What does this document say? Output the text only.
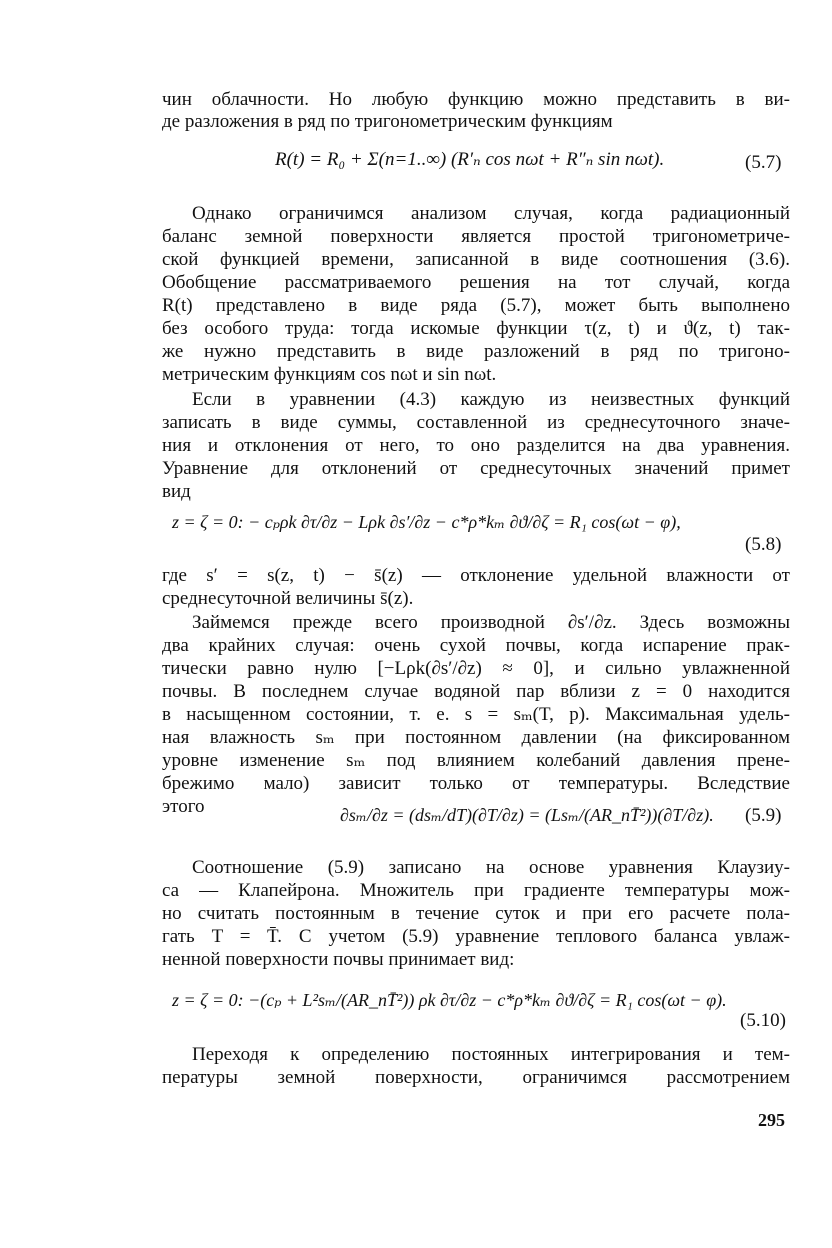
чин облачности. Но любую функцию можно представить в ви-
де разложения в ряд по тригонометрическим функциям
R(t) = R₀ + Σ(n=1..∞) (R′ₙ cos nωt + R″ₙ sin nωt).	(5.7)
Однако ограничимся анализом случая, когда радиационный
баланс земной поверхности является простой тригонометриче-
ской функцией времени, записанной в виде соотношения (3.6).
Обобщение рассматриваемого решения на тот случай, когда
R(t) представлено в виде ряда (5.7), может быть выполнено
без особого труда: тогда искомые функции τ(z, t) и ϑ(z, t) так-
же нужно представить в виде разложений в ряд по тригоно-
метрическим функциям cos nωt и sin nωt.
Если в уравнении (4.3) каждую из неизвестных функций
записать в виде суммы, составленной из среднесуточного значе-
ния и отклонения от него, то оно разделится на два уравнения.
Уравнение для отклонений от среднесуточных значений примет
вид
z = ζ = 0: − cₚρk ∂τ/∂z − Lρk ∂s′/∂z − c*ρ*kₘ ∂ϑ/∂ζ = R₁ cos(ωt − φ),
(5.8)
где s′ = s(z, t) − s̄(z) — отклонение удельной влажности от
среднесуточной величины s̄(z).
Займемся прежде всего производной ∂s′/∂z. Здесь возможны
два крайних случая: очень сухой почвы, когда испарение прак-
тически равно нулю [−Lρk(∂s′/∂z) ≈ 0], и сильно увлажненной
почвы. В последнем случае водяной пар вблизи z = 0 находится
в насыщенном состоянии, т. е. s = sₘ(T, p). Максимальная удель-
ная влажность sₘ при постоянном давлении (на фиксированном
уровне изменение sₘ под влиянием колебаний давления прене-
брежимо мало) зависит только от температуры. Вследствие
этого	∂sₘ/∂z = (dsₘ/dT)(∂T/∂z) = (Lsₘ/(AR_nT̄²))(∂T/∂z).	(5.9)
Соотношение (5.9) записано на основе уравнения Клаузиу-
са — Клапейрона. Множитель при градиенте температуры мож-
но считать постоянным в течение суток и при его расчете пола-
гать T = T̄. С учетом (5.9) уравнение теплового баланса увлаж-
ненной поверхности почвы принимает вид:
z = ζ = 0: −(cₚ + L²sₘ/(AR_nT̄²)) ρk ∂τ/∂z − c*ρ*kₘ ∂ϑ/∂ζ = R₁ cos(ωt − φ).
(5.10)
Переходя к определению постоянных интегрирования и тем-
пературы земной поверхности, ограничимся рассмотрением
295
